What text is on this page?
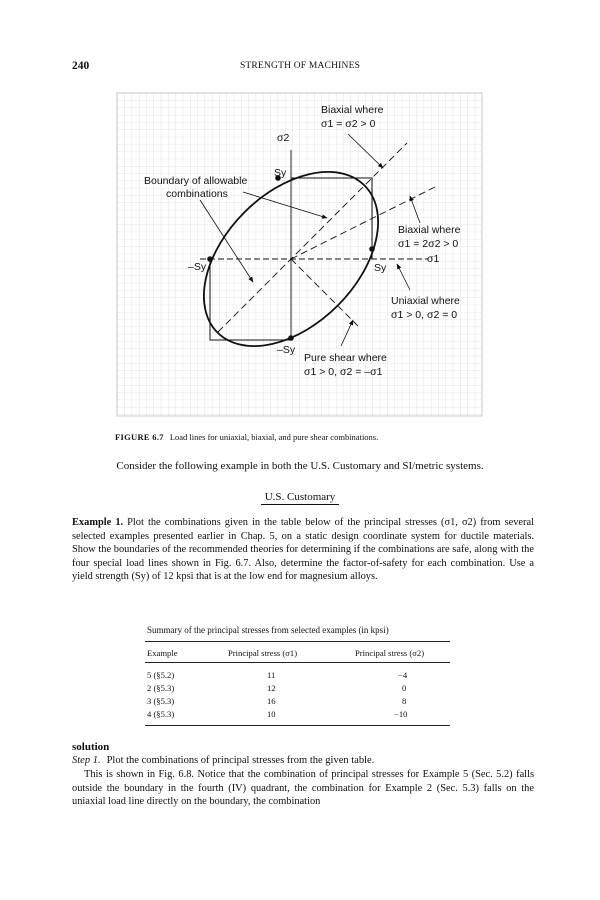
240	STRENGTH OF MACHINES
σ2
Sy
Sy
–Sy
–Sy
σ1
Boundary of allowable
combinations
Biaxial where
σ1 = σ2 > 0
Biaxial where
σ1 = 2σ2 > 0
Uniaxial where
σ1 > 0, σ2 = 0
Pure shear where
σ1 > 0, σ2 = –σ1
FIGURE 6.7 Load lines for uniaxial, biaxial, and pure shear combinations.
Consider the following example in both the U.S. Customary and SI/metric systems.
U.S. Customary
Example 1. Plot the combinations given in the table below of the principal stresses (σ1, σ2) from several selected examples presented earlier in Chap. 5, on a static design coordinate system for ductile materials. Show the boundaries of the recommended theories for determining if the combinations are safe, along with the four special load lines shown in Fig. 6.7. Also, determine the factor-of-safety for each combination. Use a yield strength (Sy) of 12 kpsi that is at the low end for magnesium alloys.
Summary of the principal stresses from selected examples (in kpsi)
Example	Principal stress (σ1)	Principal stress (σ2)
5 (§5.2)	11	−4
2 (§5.3)	12	0
3 (§5.3)	16	8
4 (§5.3)	10	−10
solution
Step 1. Plot the combinations of principal stresses from the given table.
This is shown in Fig. 6.8. Notice that the combination of principal stresses for Example 5 (Sec. 5.2) falls outside the boundary in the fourth (IV) quadrant, the combination for Example 2 (Sec. 5.3) falls on the uniaxial load line directly on the boundary, the combination
